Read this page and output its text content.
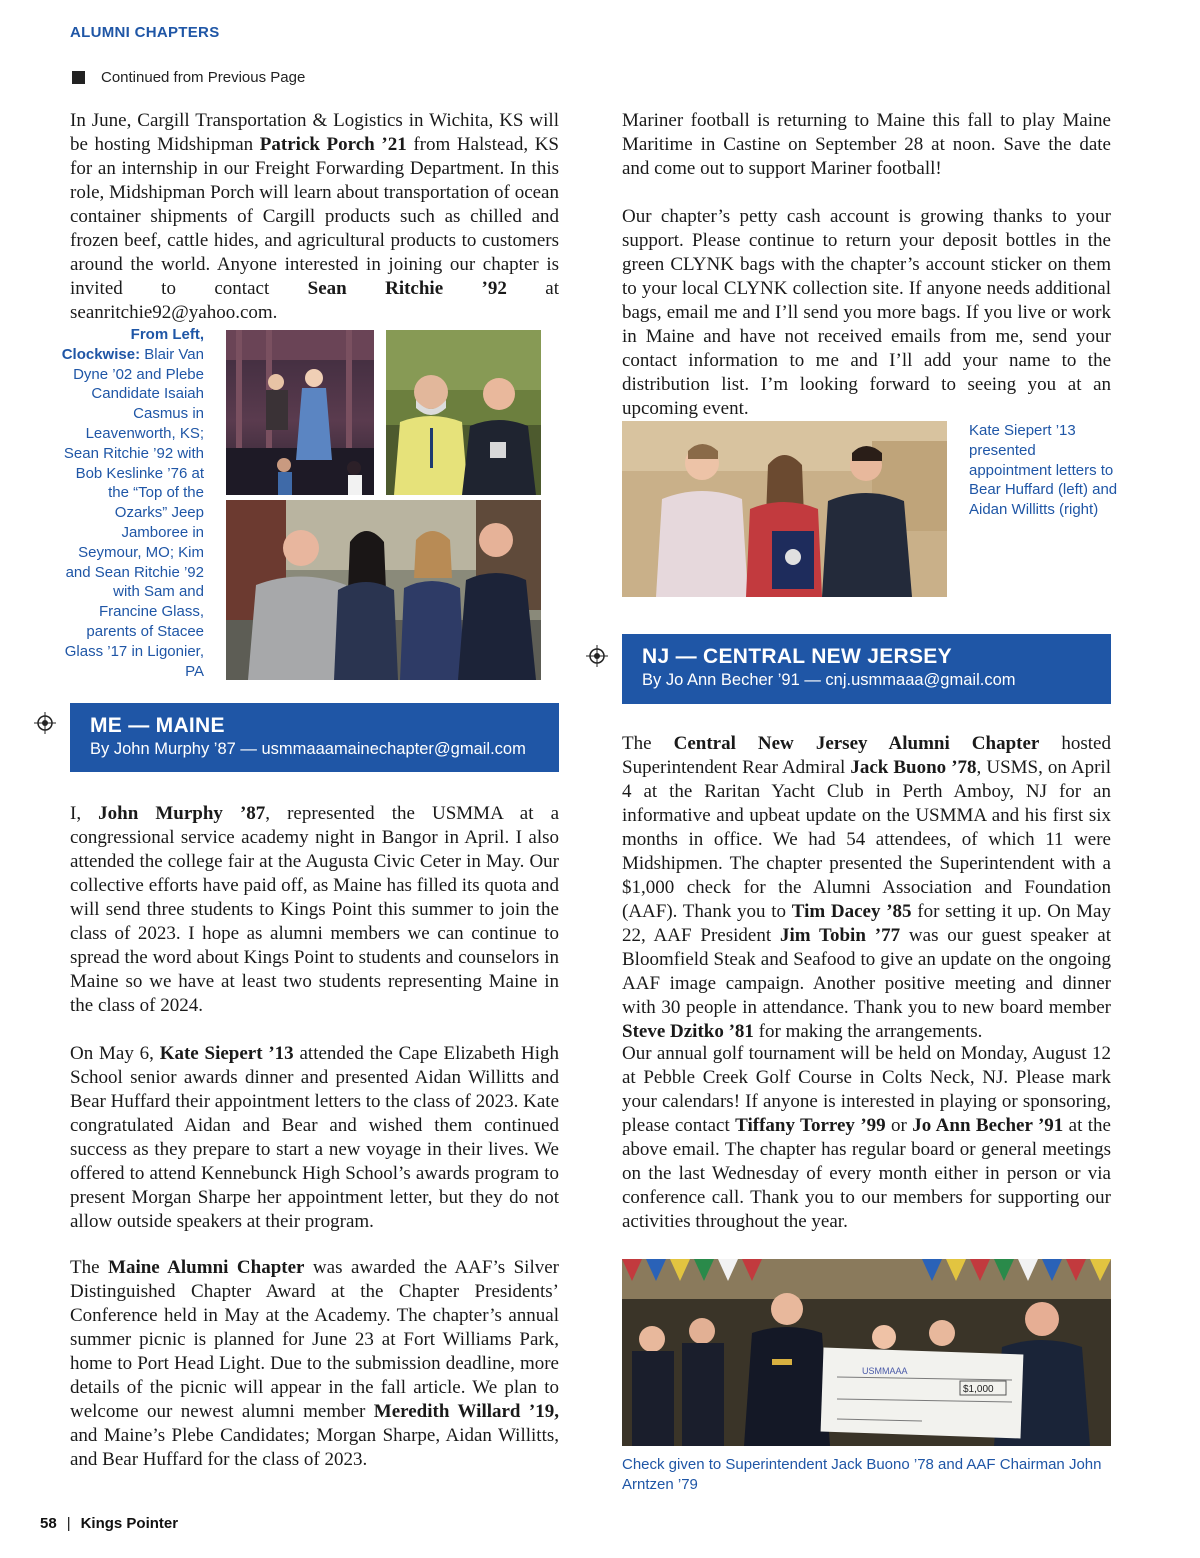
ALUMNI CHAPTERS
Continued from Previous Page

In June, Cargill Transportation & Logistics in Wichita, KS will be hosting Midshipman Patrick Porch ’21 from Halstead, KS for an internship in our Freight Forwarding Department. In this role, Midshipman Porch will learn about transportation of ocean container shipments of Cargill products such as chilled and frozen beef, cattle hides, and agricultural products to customers around the world. Anyone interested in joining our chapter is invited to contact Sean Ritchie ’92 at seanritchie92@yahoo.com.

From Left, Clockwise: Blair Van Dyne ’02 and Plebe Candidate Isaiah Casmus in Leavenworth, KS; Sean Ritchie ’92 with Bob Keslinke ’76 at the “Top of the Ozarks” Jeep Jamboree in Seymour, MO; Kim and Sean Ritchie ’92 with Sam and Francine Glass, parents of Stacee Glass ’17 in Ligonier, PA
ME — MAINE
By John Murphy ’87 — usmmaaamainechapter@gmail.com

I, John Murphy ’87, represented the USMMA at a congressional service academy night in Bangor in April. I also attended the college fair at the Augusta Civic Ceter in May. Our collective efforts have paid off, as Maine has filled its quota and will send three students to Kings Point this summer to join the class of 2023. I hope as alumni members we can continue to spread the word about Kings Point to students and counselors in Maine so we have at least two students representing Maine in the class of 2024.

On May 6, Kate Siepert ’13 attended the Cape Elizabeth High School senior awards dinner and presented Aidan Willitts and Bear Huffard their appointment letters to the class of 2023. Kate congratulated Aidan and Bear and wished them continued success as they prepare to start a new voyage in their lives. We offered to attend Kennebunck High School’s awards program to present Morgan Sharpe her appointment letter, but they do not allow outside speakers at their program.

The Maine Alumni Chapter was awarded the AAF’s Silver Distinguished Chapter Award at the Chapter Presidents’ Conference held in May at the Academy. The chapter’s annual summer picnic is planned for June 23 at Fort Williams Park, home to Port Head Light. Due to the submission deadline, more details of the picnic will appear in the fall article. We plan to welcome our newest alumni member Meredith Willard ’19, and Maine’s Plebe Candidates; Morgan Sharpe, Aidan Willitts, and Bear Huffard for the class of 2023.

Mariner football is returning to Maine this fall to play Maine Maritime in Castine on September 28 at noon. Save the date and come out to support Mariner football!

Our chapter’s petty cash account is growing thanks to your support. Please continue to return your deposit bottles in the green CLYNK bags with the chapter’s account sticker on them to your local CLYNK collection site. If anyone needs additional bags, email me and I’ll send you more bags. If you live or work in Maine and have not received emails from me, send your contact information to me and I’ll add your name to the distribution list. I’m looking forward to seeing you at an upcoming event.

Kate Siepert ’13 presented appointment letters to Bear Huffard (left) and Aidan Willitts (right)
NJ — CENTRAL NEW JERSEY
By Jo Ann Becher ’91 — cnj.usmmaaa@gmail.com

The Central New Jersey Alumni Chapter hosted Superintendent Rear Admiral Jack Buono ’78, USMS, on April 4 at the Raritan Yacht Club in Perth Amboy, NJ for an informative and upbeat update on the USMMA and his first six months in office. We had 54 attendees, of which 11 were Midshipmen. The chapter presented the Superintendent with a $1,000 check for the Alumni Association and Foundation (AAF). Thank you to Tim Dacey ’85 for setting it up. On May 22, AAF President Jim Tobin ’77 was our guest speaker at Bloomfield Steak and Seafood to give an update on the ongoing AAF image campaign. Another positive meeting and dinner with 30 people in attendance. Thank you to new board member Steve Dzitko ’81 for making the arrangements.

Our annual golf tournament will be held on Monday, August 12 at Pebble Creek Golf Course in Colts Neck, NJ. Please mark your calendars! If anyone is interested in playing or sponsoring, please contact Tiffany Torrey ’99 or Jo Ann Becher ’91 at the above email. The chapter has regular board or general meetings on the last Wednesday of every month either in person or via conference call. Thank you to our members for supporting our activities throughout the year.

USMMAAA
$1,000
Check given to Superintendent Jack Buono ’78 and AAF Chairman John Arntzen ’79
58 | Kings Pointer
